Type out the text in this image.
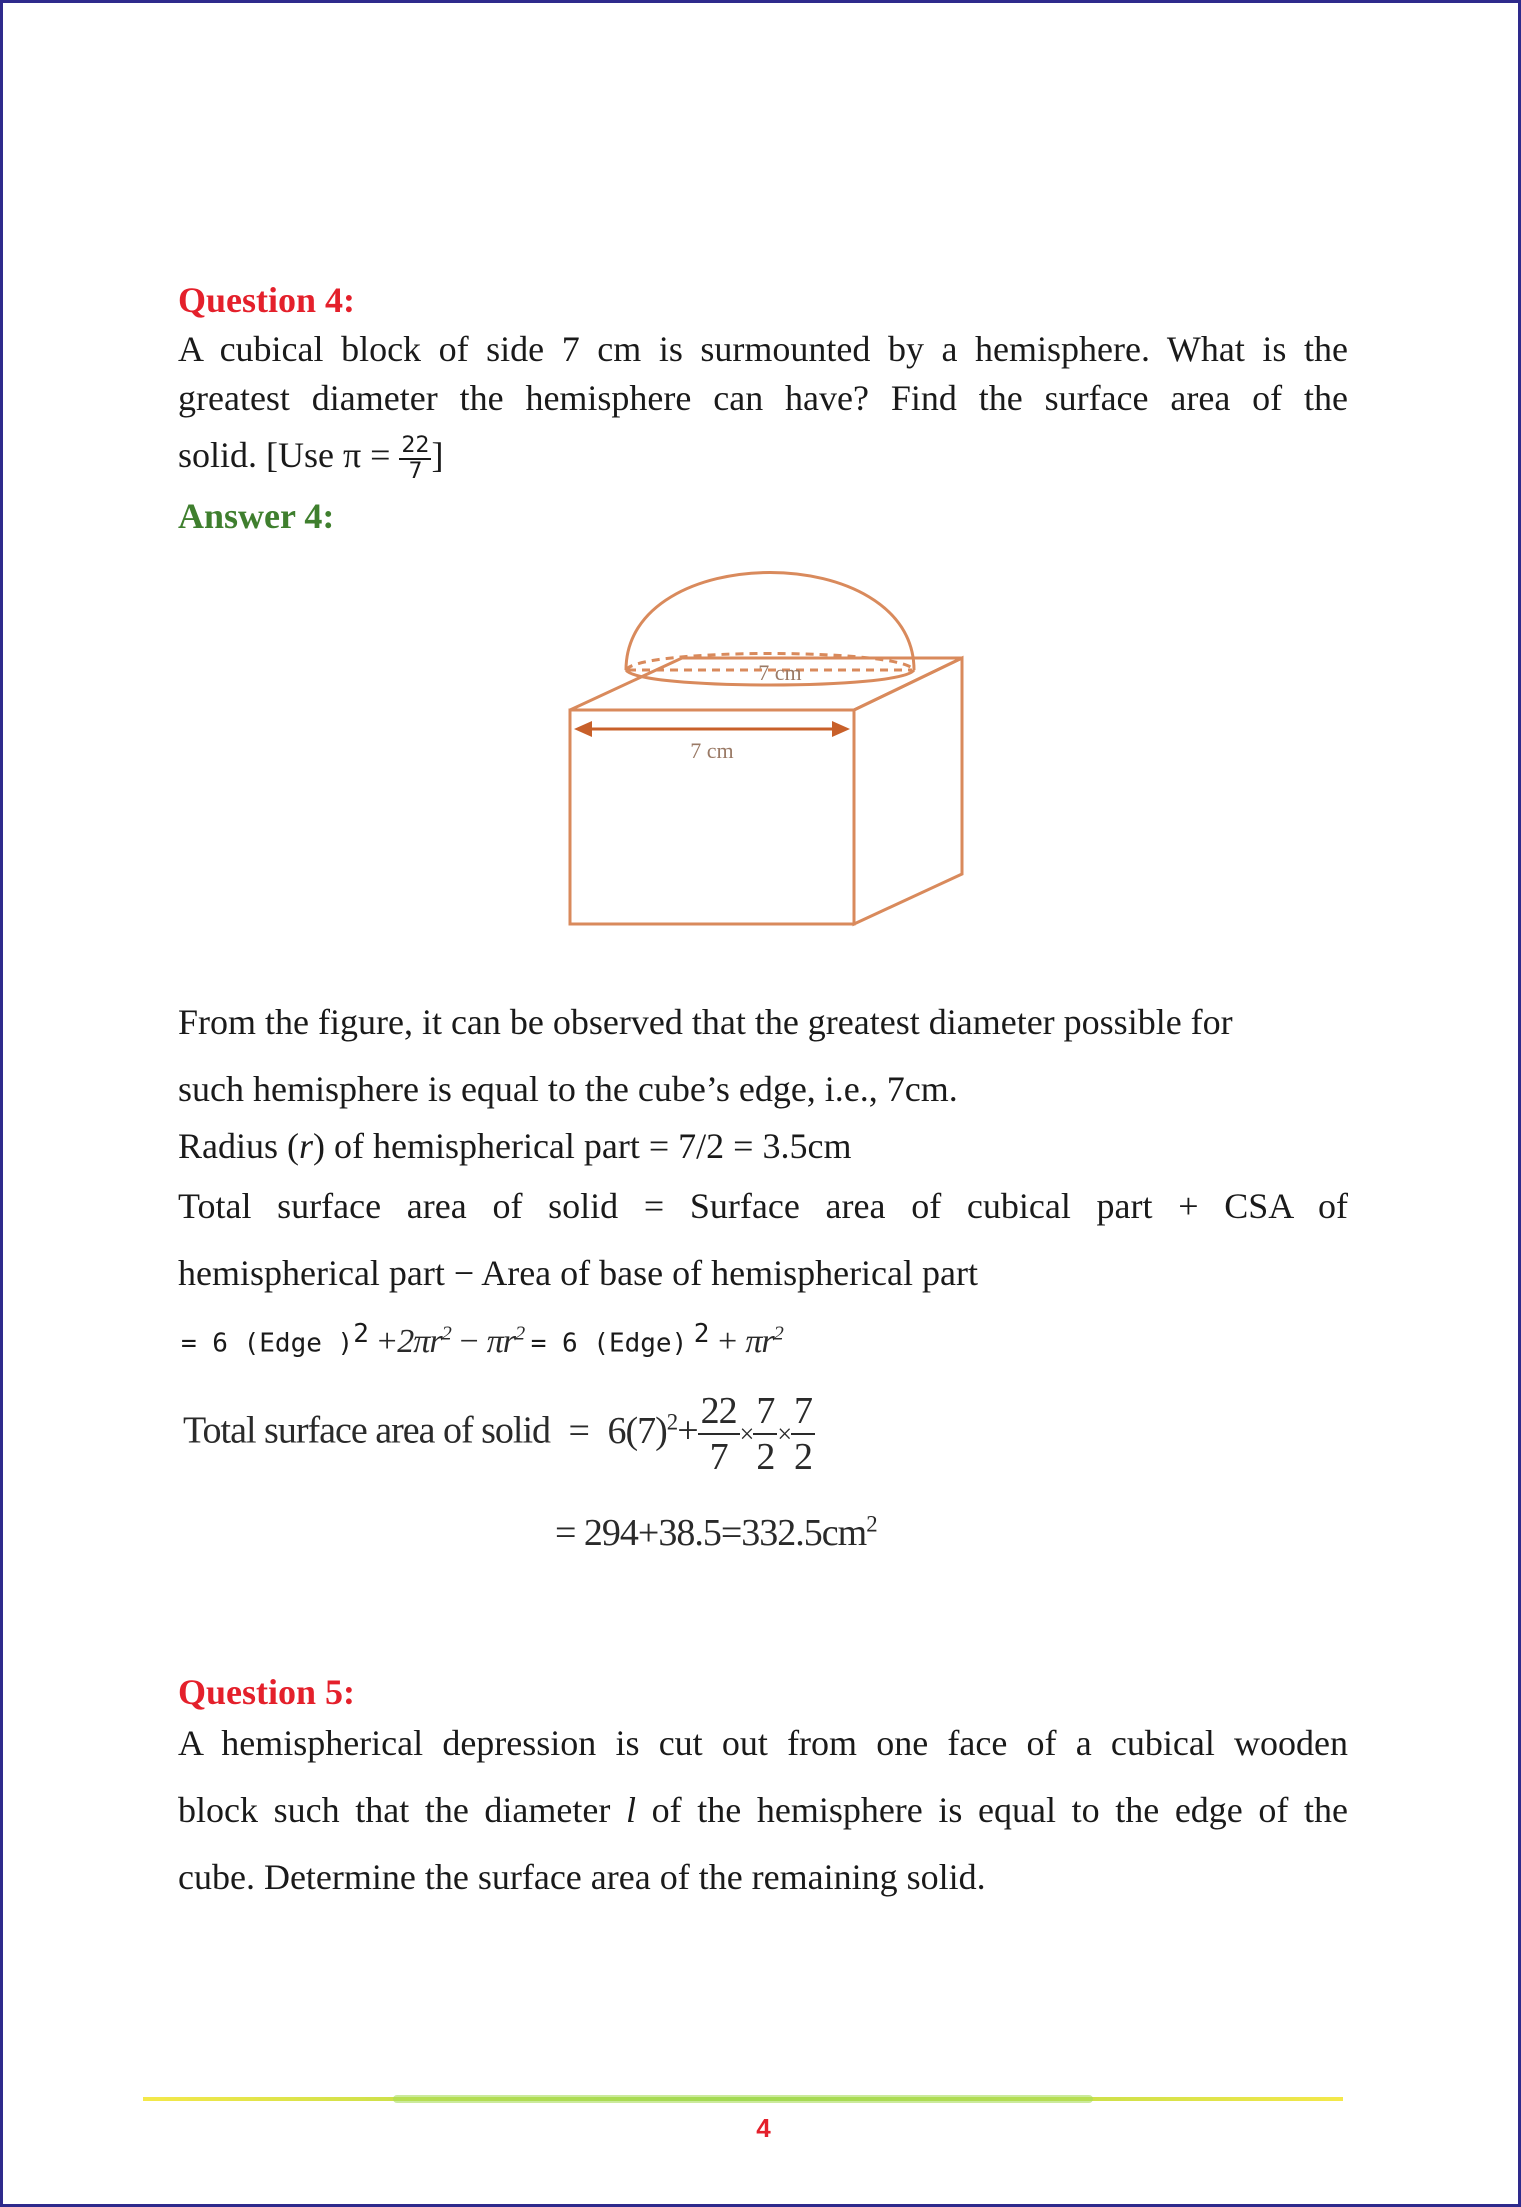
Question 4:
A cubical block of side 7 cm is surmounted by a hemisphere. What is the
greatest diameter the hemisphere can have? Find the surface area of the
solid. [Use $\pi = \frac{22}{7}$ ]
Answer 4:
7 cm
7 cm
From the figure, it can be observed that the greatest diameter possible for
such hemisphere is equal to the cube’s edge, i.e., 7cm.
Radius (r) of hemispherical part = 7/2 = 3.5cm
Total surface area of solid = Surface area of cubical part + CSA of
hemispherical part − Area of base of hemispherical part
= 6 (Edge )$^2 +2\pi r^2 - \pi r^2 = 6$ (Edge) $^2 + \pi r^2$
Total surface area of solid = $6(7)^2+ \frac{22}{7} \times \frac{7}{2} \times \frac{7}{2}$
= $294+38.5=332.5cm^2$
Question 5:
A hemispherical depression is cut out from one face of a cubical wooden
block such that the diameter l of the hemisphere is equal to the edge of the
cube. Determine the surface area of the remaining solid.
4
